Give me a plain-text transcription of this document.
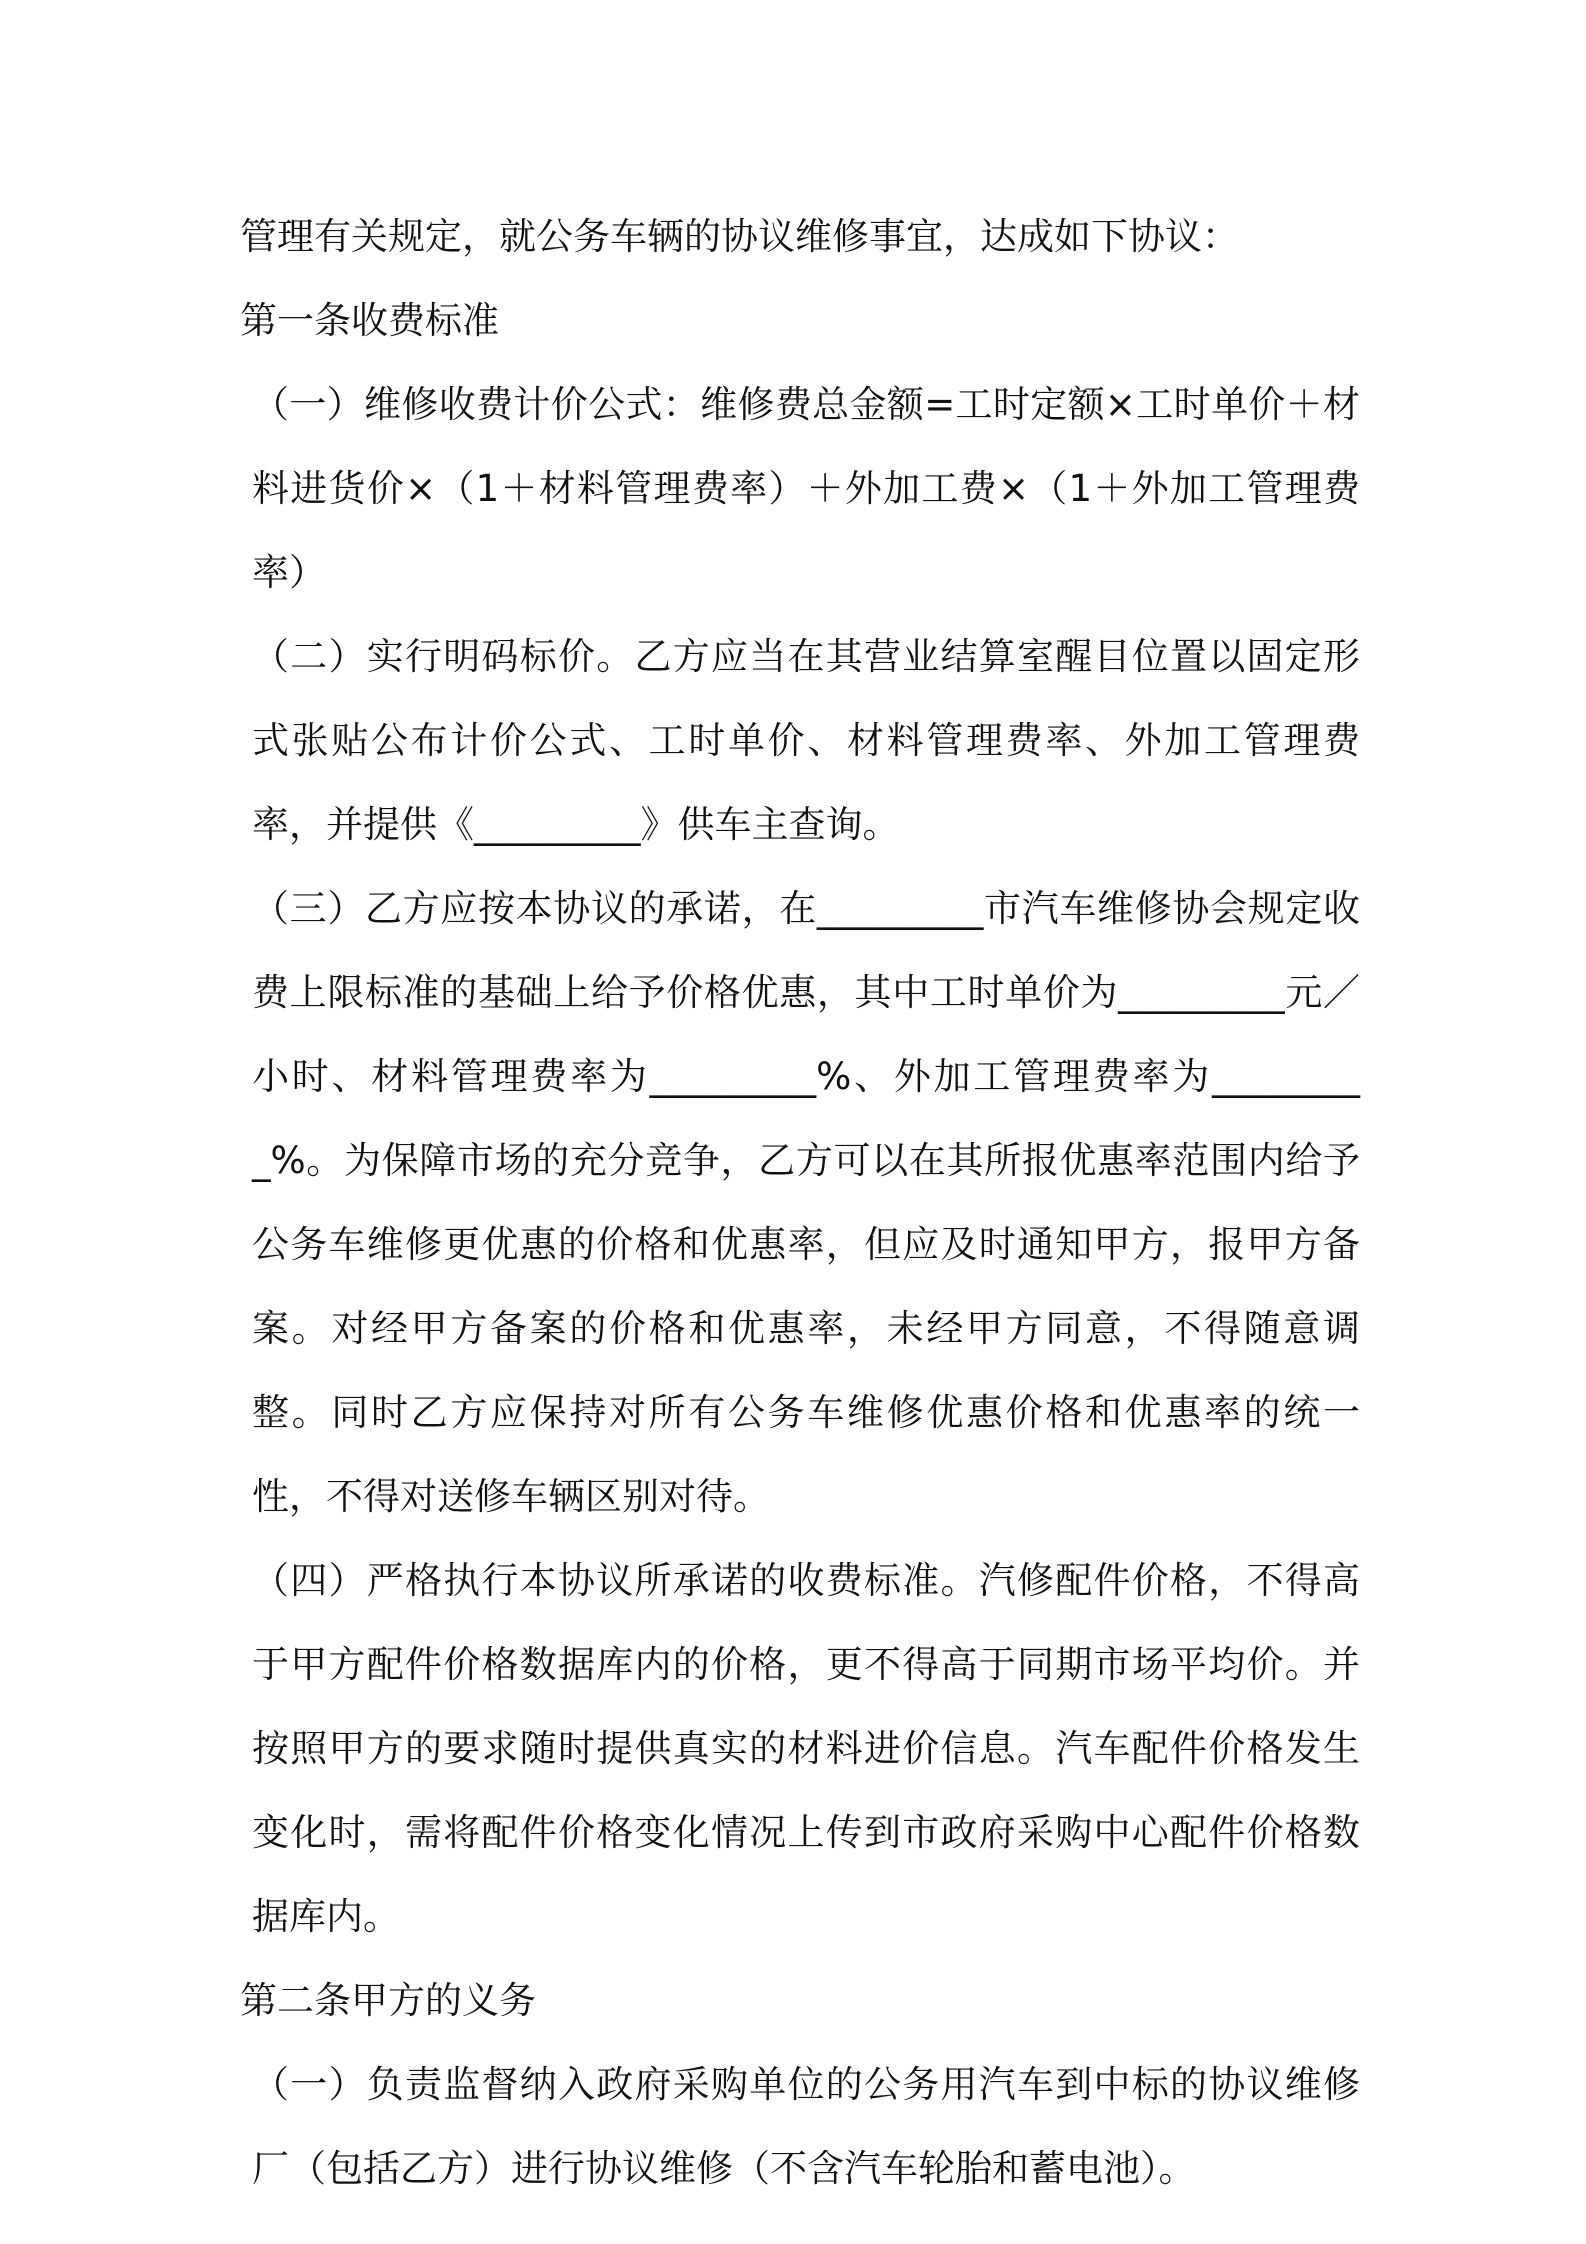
管理有关规定，就公务车辆的协议维修事宜，达成如下协议：

第一条收费标准

（一）维修收费计价公式：维修费总金额=工时定额×工时单价＋材料进货价×（1＋材料管理费率）＋外加工费×（1＋外加工管理费率）

（二）实行明码标价。乙方应当在其营业结算室醒目位置以固定形式张贴公布计价公式、工时单价、材料管理费率、外加工管理费率，并提供《_________》供车主查询。

（三）乙方应按本协议的承诺，在_________市汽车维修协会规定收费上限标准的基础上给予价格优惠，其中工时单价为_________元／小时、材料管理费率为_________%、外加工管理费率为_________%。为保障市场的充分竞争，乙方可以在其所报优惠率范围内给予公务车维修更优惠的价格和优惠率，但应及时通知甲方，报甲方备案。对经甲方备案的价格和优惠率，未经甲方同意，不得随意调整。同时乙方应保持对所有公务车维修优惠价格和优惠率的统一性，不得对送修车辆区别对待。

（四）严格执行本协议所承诺的收费标准。汽修配件价格，不得高于甲方配件价格数据库内的价格，更不得高于同期市场平均价。并按照甲方的要求随时提供真实的材料进价信息。汽车配件价格发生变化时，需将配件价格变化情况上传到市政府采购中心配件价格数据库内。

第二条甲方的义务

（一）负责监督纳入政府采购单位的公务用汽车到中标的协议维修厂（包括乙方）进行协议维修（不含汽车轮胎和蓄电池）。
